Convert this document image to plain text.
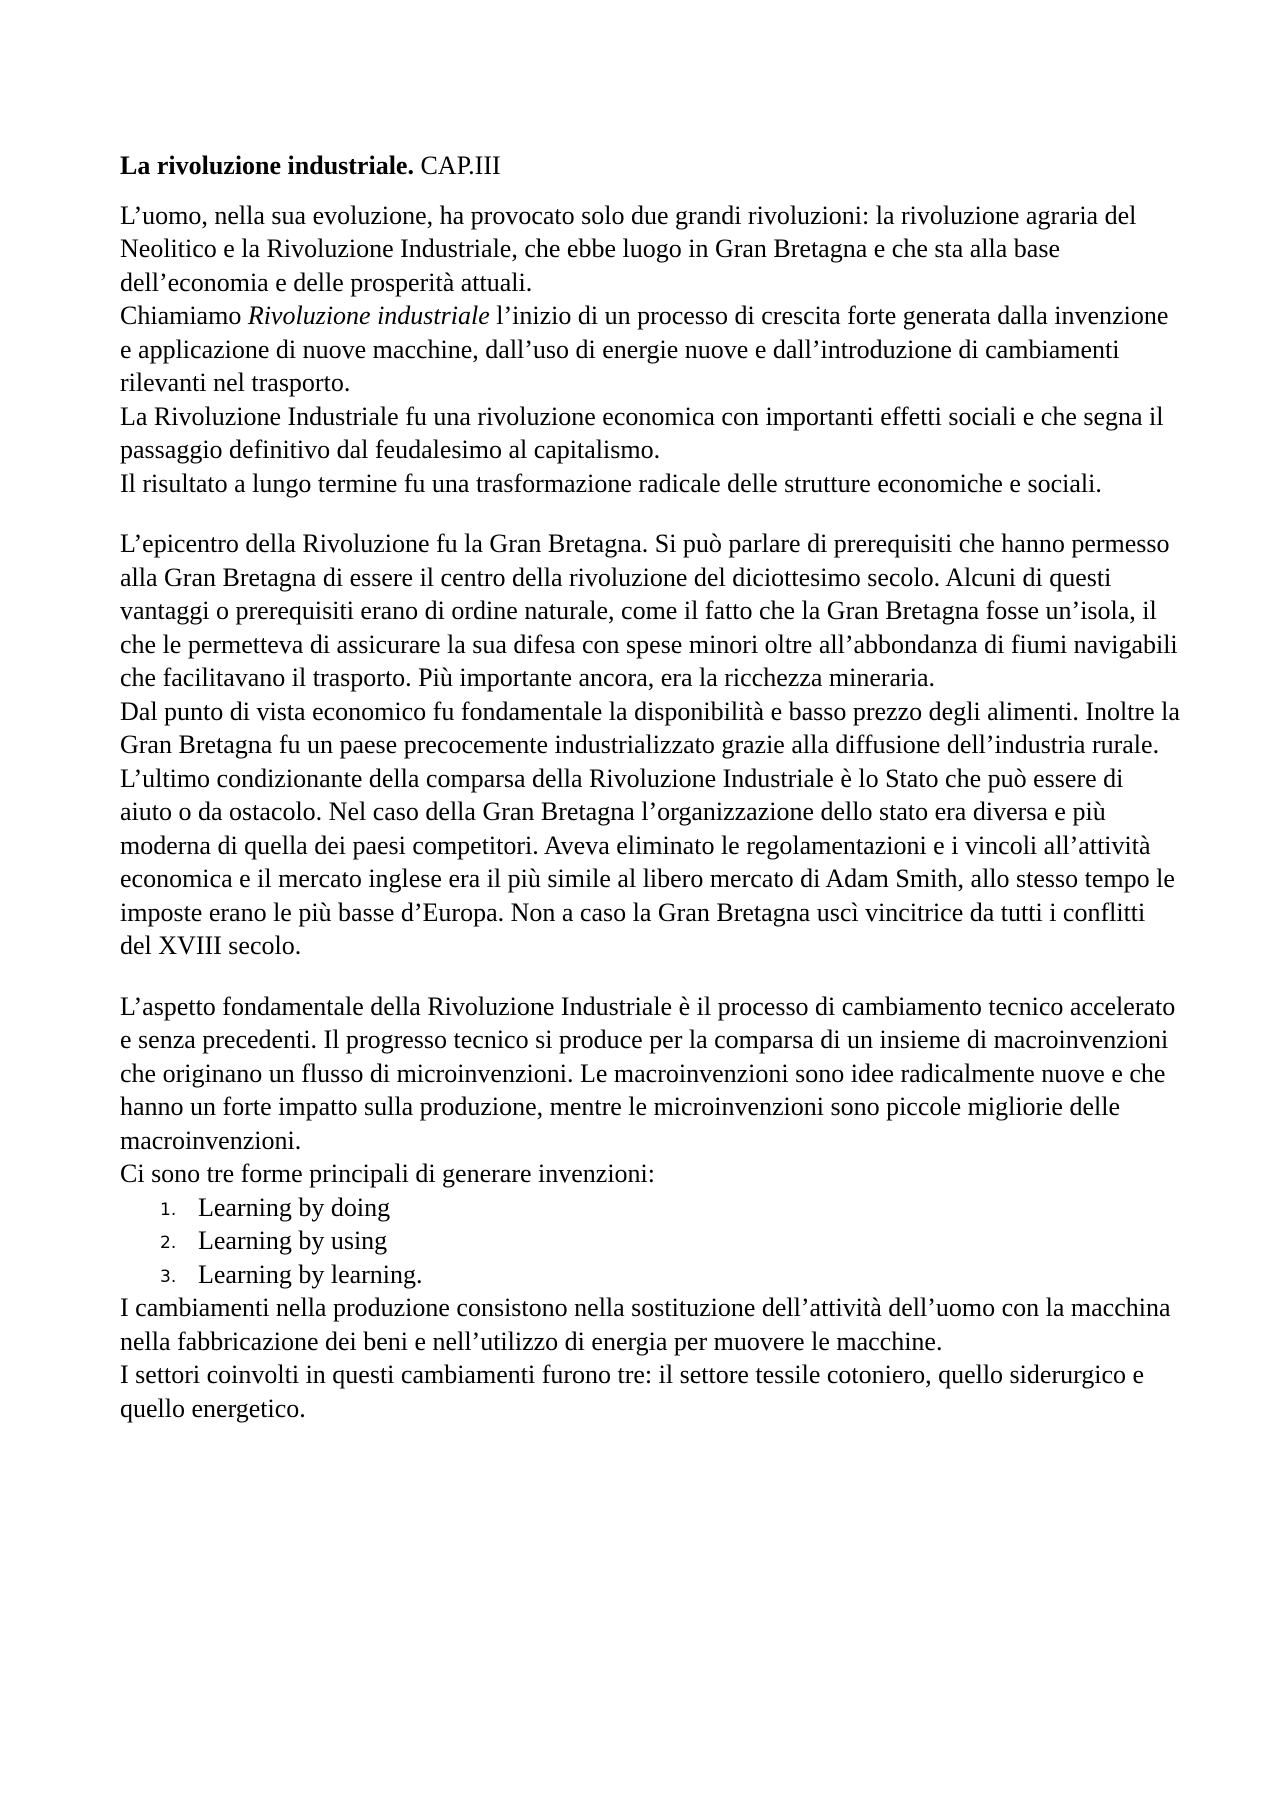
La rivoluzione industriale. CAP.III

L’uomo, nella sua evoluzione, ha provocato solo due grandi rivoluzioni: la rivoluzione agraria del Neolitico e la Rivoluzione Industriale, che ebbe luogo in Gran Bretagna e che sta alla base dell’economia e delle prosperità attuali.

Chiamiamo Rivoluzione industriale l’inizio di un processo di crescita forte generata dalla invenzione e applicazione di nuove macchine, dall’uso di energie nuove e dall’introduzione di cambiamenti rilevanti nel trasporto.

La Rivoluzione Industriale fu una rivoluzione economica con importanti effetti sociali e che segna il passaggio definitivo dal feudalesimo al capitalismo.

Il risultato a lungo termine fu una trasformazione radicale delle strutture economiche e sociali.

L’epicentro della Rivoluzione fu la Gran Bretagna. Si può parlare di prerequisiti che hanno permesso alla Gran Bretagna di essere il centro della rivoluzione del diciottesimo secolo. Alcuni di questi vantaggi o prerequisiti erano di ordine naturale, come il fatto che la Gran Bretagna fosse un’isola, il che le permetteva di assicurare la sua difesa con spese minori oltre all’abbondanza di fiumi navigabili che facilitavano il trasporto. Più importante ancora, era la ricchezza mineraria.

Dal punto di vista economico fu fondamentale la disponibilità e basso prezzo degli alimenti. Inoltre la Gran Bretagna fu un paese precocemente industrializzato grazie alla diffusione dell’industria rurale.

L’ultimo condizionante della comparsa della Rivoluzione Industriale è lo Stato che può essere di aiuto o da ostacolo. Nel caso della Gran Bretagna l’organizzazione dello stato era diversa e più moderna di quella dei paesi competitori. Aveva eliminato le regolamentazioni e i vincoli all’attività economica e il mercato inglese era il più simile al libero mercato di Adam Smith, allo stesso tempo le imposte erano le più basse d’Europa. Non a caso la Gran Bretagna uscì vincitrice da tutti i conflitti del XVIII secolo.

L’aspetto fondamentale della Rivoluzione Industriale è il processo di cambiamento tecnico accelerato e senza precedenti. Il progresso tecnico si produce per la comparsa di un insieme di macroinvenzioni che originano un flusso di microinvenzioni. Le macroinvenzioni sono idee radicalmente nuove e che hanno un forte impatto sulla produzione, mentre le microinvenzioni sono piccole migliorie delle macroinvenzioni.

Ci sono tre forme principali di generare invenzioni:

Learning by doing
Learning by using
Learning by learning.

I cambiamenti nella produzione consistono nella sostituzione dell’attività dell’uomo con la macchina nella fabbricazione dei beni e nell’utilizzo di energia per muovere le macchine.

I settori coinvolti in questi cambiamenti furono tre: il settore tessile cotoniero, quello siderurgico e quello energetico.
